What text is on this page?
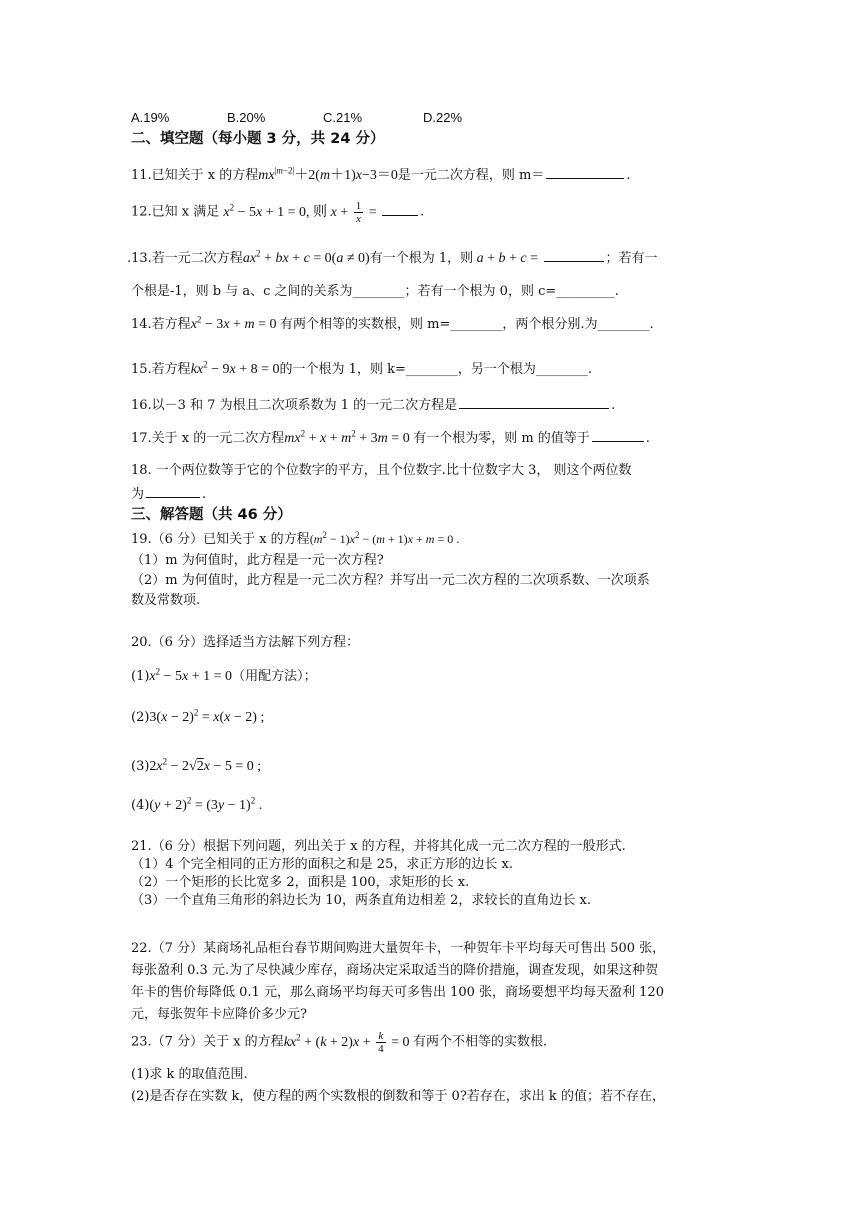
A.19%	B.20%	C.21%	D.22%
二、填空题（每小题 3 分，共 24 分）
11.已知关于 x 的方程$mx^{|m-2|}+2(m+1)x-3=0$是一元二次方程，则 m＝	.
12.已知 x 满足 $x^2 - 5x + 1 = 0$, 则 $x + \frac{1}{x}$ =	.
.13.若一元二次方程$ax^2$ + bx + c = 0(a ≠ 0)有一个根为 1，则 a + b + c =	；若有一
个根是-1，则 b 与 a、c 之间的关系为________；若有一个根为 0，则 c=_________.
14.若方程$x^2 - 3x + m = 0$ 有两个相等的实数根，则 m=________，两个根分别.为________.
15.若方程$kx^2 - 9x + 8 = 0$的一个根为 1，则 k=________，另一个根为________.
16.以－3 和 7 为根且二次项系数为 1 的一元二次方程是	.
17.关于 x 的一元二次方程$mx^2 + x + m^2 + 3m = 0$ 有一个根为零，则 m 的值等于	.
18. 一个两位数等于它的个位数字的平方，且个位数字.比十位数字大 3， 则这个两位数
为	.
三、解答题（共 46 分）
19.（6 分）已知关于 x 的方程$(m^2 - 1)x^2 - (m + 1)x + m = 0$ .
（1）m 为何值时，此方程是一元一次方程?
（2）m 为何值时，此方程是一元二次方程？并写出一元二次方程的二次项系数、一次项系
数及常数项.
20.（6 分）选择适当方法解下列方程：
$(1)x^2 - 5x + 1 = 0$（用配方法）；
$(2)3(x - 2)^2 = x(x - 2)$ ;
$(3)2x^2 - 2√2x - 5 = 0$ ;
$(4)(y + 2)^2 = (3y - 1)^2$ .
21.（6 分）根据下列问题，列出关于 x 的方程，并将其化成一元二次方程的一般形式.
（1）4 个完全相同的正方形的面积之和是 25，求正方形的边长 x.
（2）一个矩形的长比宽多 2，面积是 100，求矩形的长 x.
（3）一个直角三角形的斜边长为 10，两条直角边相差 2，求较长的直角边长 x.
22.（7 分）某商场礼品柜台春节期间购进大量贺年卡，一种贺年卡平均每天可售出 500 张，
每张盈利 0.3 元.为了尽快减少库存，商场决定采取适当的降价措施，调查发现，如果这种贺
年卡的售价每降低 0.1 元，那么商场平均每天可多售出 100 张，商场要想平均每天盈利 120
元，每张贺年卡应降价多少元?
23.（7 分）关于 x 的方程$kx^2 + (k + 2)x + \frac{k}{4} = 0$ 有两个不相等的实数根.
(1)求 k 的取值范围.
(2)是否存在实数 k，使方程的两个实数根的倒数和等于 0?若存在，求出 k 的值；若不存在，
